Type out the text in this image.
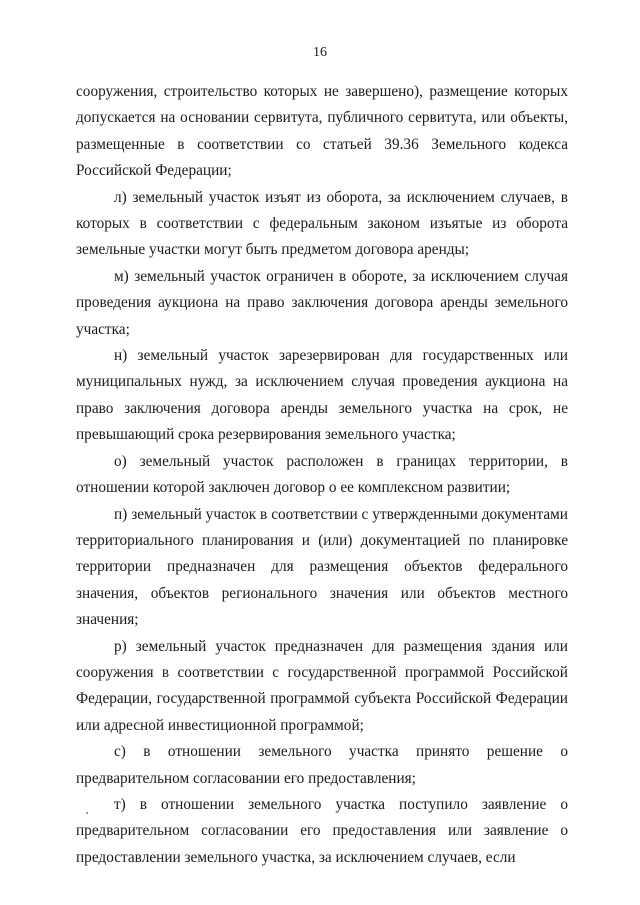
16

сооружения, строительство которых не завершено), размещение которых допускается на основании сервитута, публичного сервитута, или объекты, размещенные в соответствии со статьей 39.36 Земельного кодекса Российской Федерации;

л) земельный участок изъят из оборота, за исключением случаев, в которых в соответствии с федеральным законом изъятые из оборота земельные участки могут быть предметом договора аренды;

м) земельный участок ограничен в обороте, за исключением случая проведения аукциона на право заключения договора аренды земельного участка;

н) земельный участок зарезервирован для государственных или муниципальных нужд, за исключением случая проведения аукциона на право заключения договора аренды земельного участка на срок, не превышающий срока резервирования земельного участка;

о) земельный участок расположен в границах территории, в отношении которой заключен договор о ее комплексном развитии;

п) земельный участок в соответствии с утвержденными документами территориального планирования и (или) документацией по планировке территории предназначен для размещения объектов федерального значения, объектов регионального значения или объектов местного значения;

р) земельный участок предназначен для размещения здания или сооружения в соответствии с государственной программой Российской Федерации, государственной программой субъекта Российской Федерации или адресной инвестиционной программой;

с) в отношении земельного участка принято решение о предварительном согласовании его предоставления;

т) в отношении земельного участка поступило заявление о предварительном согласовании его предоставления или заявление о предоставлении земельного участка, за исключением случаев, если
